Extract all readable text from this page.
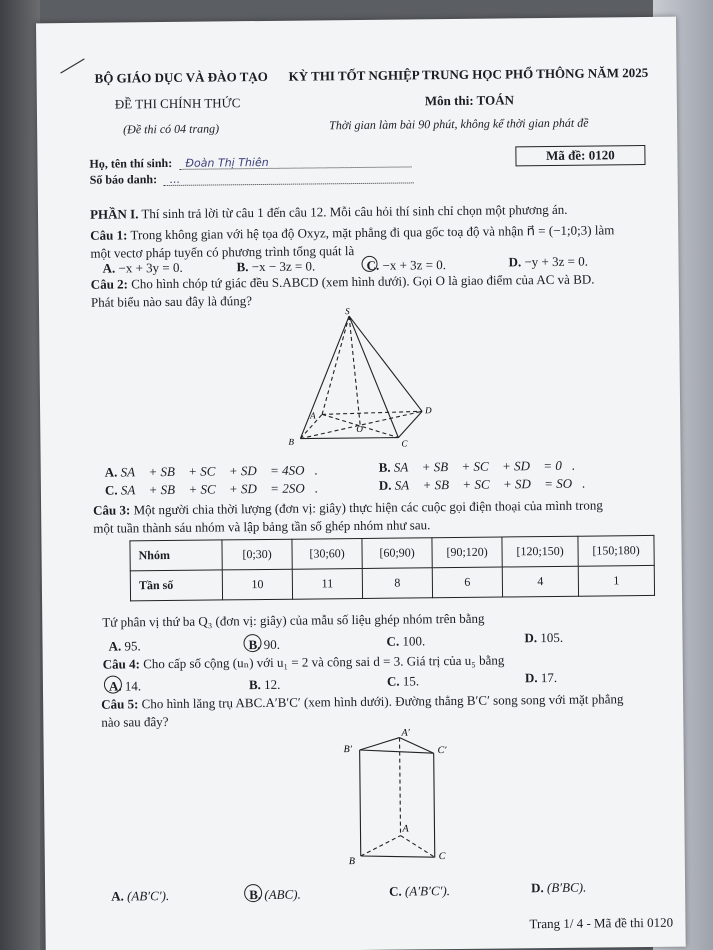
BỘ GIÁO DỤC VÀ ĐÀO TẠO
ĐỀ THI CHÍNH THỨC
(Đề thi có 04 trang)
KỲ THI TỐT NGHIỆP TRUNG HỌC PHỔ THÔNG NĂM 2025
Môn thi: TOÁN
Thời gian làm bài 90 phút, không kể thời gian phát đề
Họ, tên thí sinh:	Đoàn Thị Thiên
Số báo danh:	...
Mã đề: 0120
PHẦN I. Thí sinh trả lời từ câu 1 đến câu 12. Mỗi câu hỏi thí sinh chỉ chọn một phương án.
Câu 1: Trong không gian với hệ tọa độ Oxyz, mặt phẳng đi qua gốc toạ độ và nhận n⃗ = (−1;0;3) làm
một vectơ pháp tuyến có phương trình tổng quát là
A. −x + 3y = 0.	B. −x − 3z = 0.	C. −x + 3z = 0.	D. −y + 3z = 0.
Câu 2: Cho hình chóp tứ giác đều S.ABCD (xem hình dưới). Gọi O là giao điểm của AC và BD.
Phát biểu nào sau đây là đúng?
S
A
B	C
D
O
A. SA⃗ + SB⃗ + SC⃗ + SD⃗ = 4SO⃗.	B. SA⃗ + SB⃗ + SC⃗ + SD⃗ = 0⃗.
C. SA⃗ + SB⃗ + SC⃗ + SD⃗ = 2SO⃗.	D. SA⃗ + SB⃗ + SC⃗ + SD⃗ = SO⃗.
Câu 3: Một người chia thời lượng (đơn vị: giây) thực hiện các cuộc gọi điện thoại của mình trong
một tuần thành sáu nhóm và lập bảng tần số ghép nhóm như sau.
Nhóm	[0;30)	[30;60)	[60;90)	[90;120)	[120;150)	[150;180)
Tần số	10	11	8	6	4	1
Tứ phân vị thứ ba Q₃ (đơn vị: giây) của mẫu số liệu ghép nhóm trên bằng
A. 95.	B. 90.	C. 100.	D. 105.
Câu 4: Cho cấp số cộng (uₙ) với u₁ = 2 và công sai d = 3. Giá trị của u₅ bằng
A. 14.	B. 12.	C. 15.	D. 17.
Câu 5: Cho hình lăng trụ ABC.A′B′C′ (xem hình dưới). Đường thẳng B′C′ song song với mặt phẳng
nào sau đây?
A′
B′	C′
A
B	C
A. (AB′C′).	B. (ABC).	C. (A′B′C′).	D. (B′BC).
Trang 1/ 4 - Mã đề thi 0120
